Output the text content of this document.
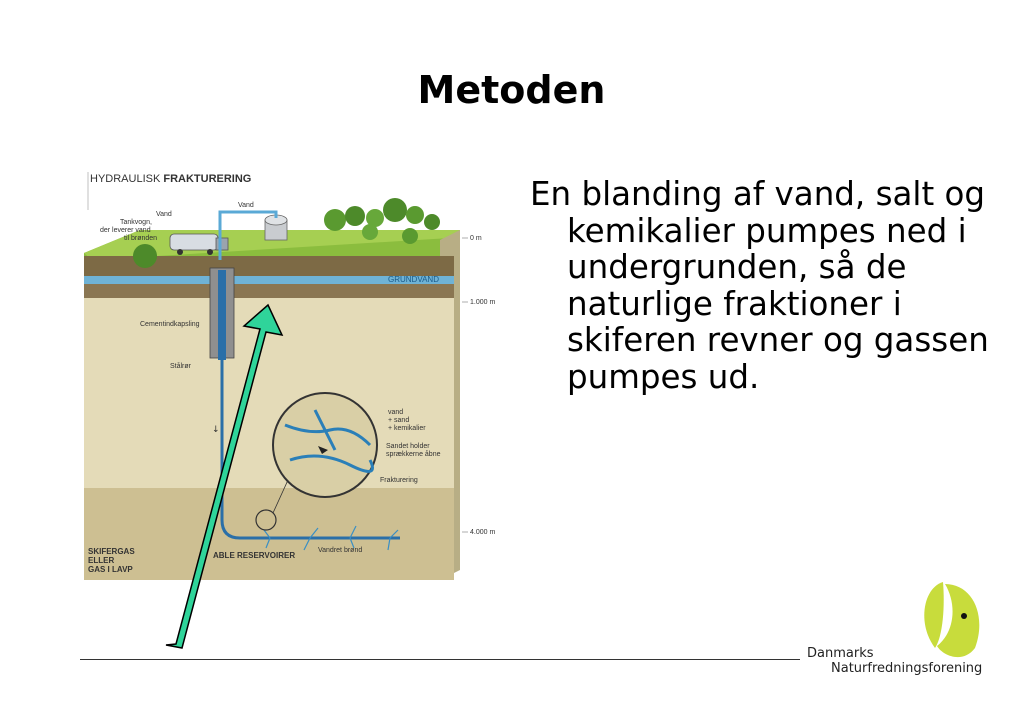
Metoden

En blanding af vand, salt og kemikalier pumpes ned i undergrunden, så de naturlige fraktioner i skiferen revner og gassen pumpes ud.

HYDRAULISK FRAKTURERING
GRUNDVAND
Vand
Vand
Tankvogn,
der leverer vand
til brønden
Cementindkapsling
Stålrør
↓
vand
+ sand
+ kemikalier
Sandet holder
sprækkerne åbne
Frakturering
Vandret brønd
SKIFERGAS
ELLER
GAS I LAVP
ABLE RESERVOIRER
0 m
1.000 m
4.000 m
Danmarks
Naturfredningsforening
